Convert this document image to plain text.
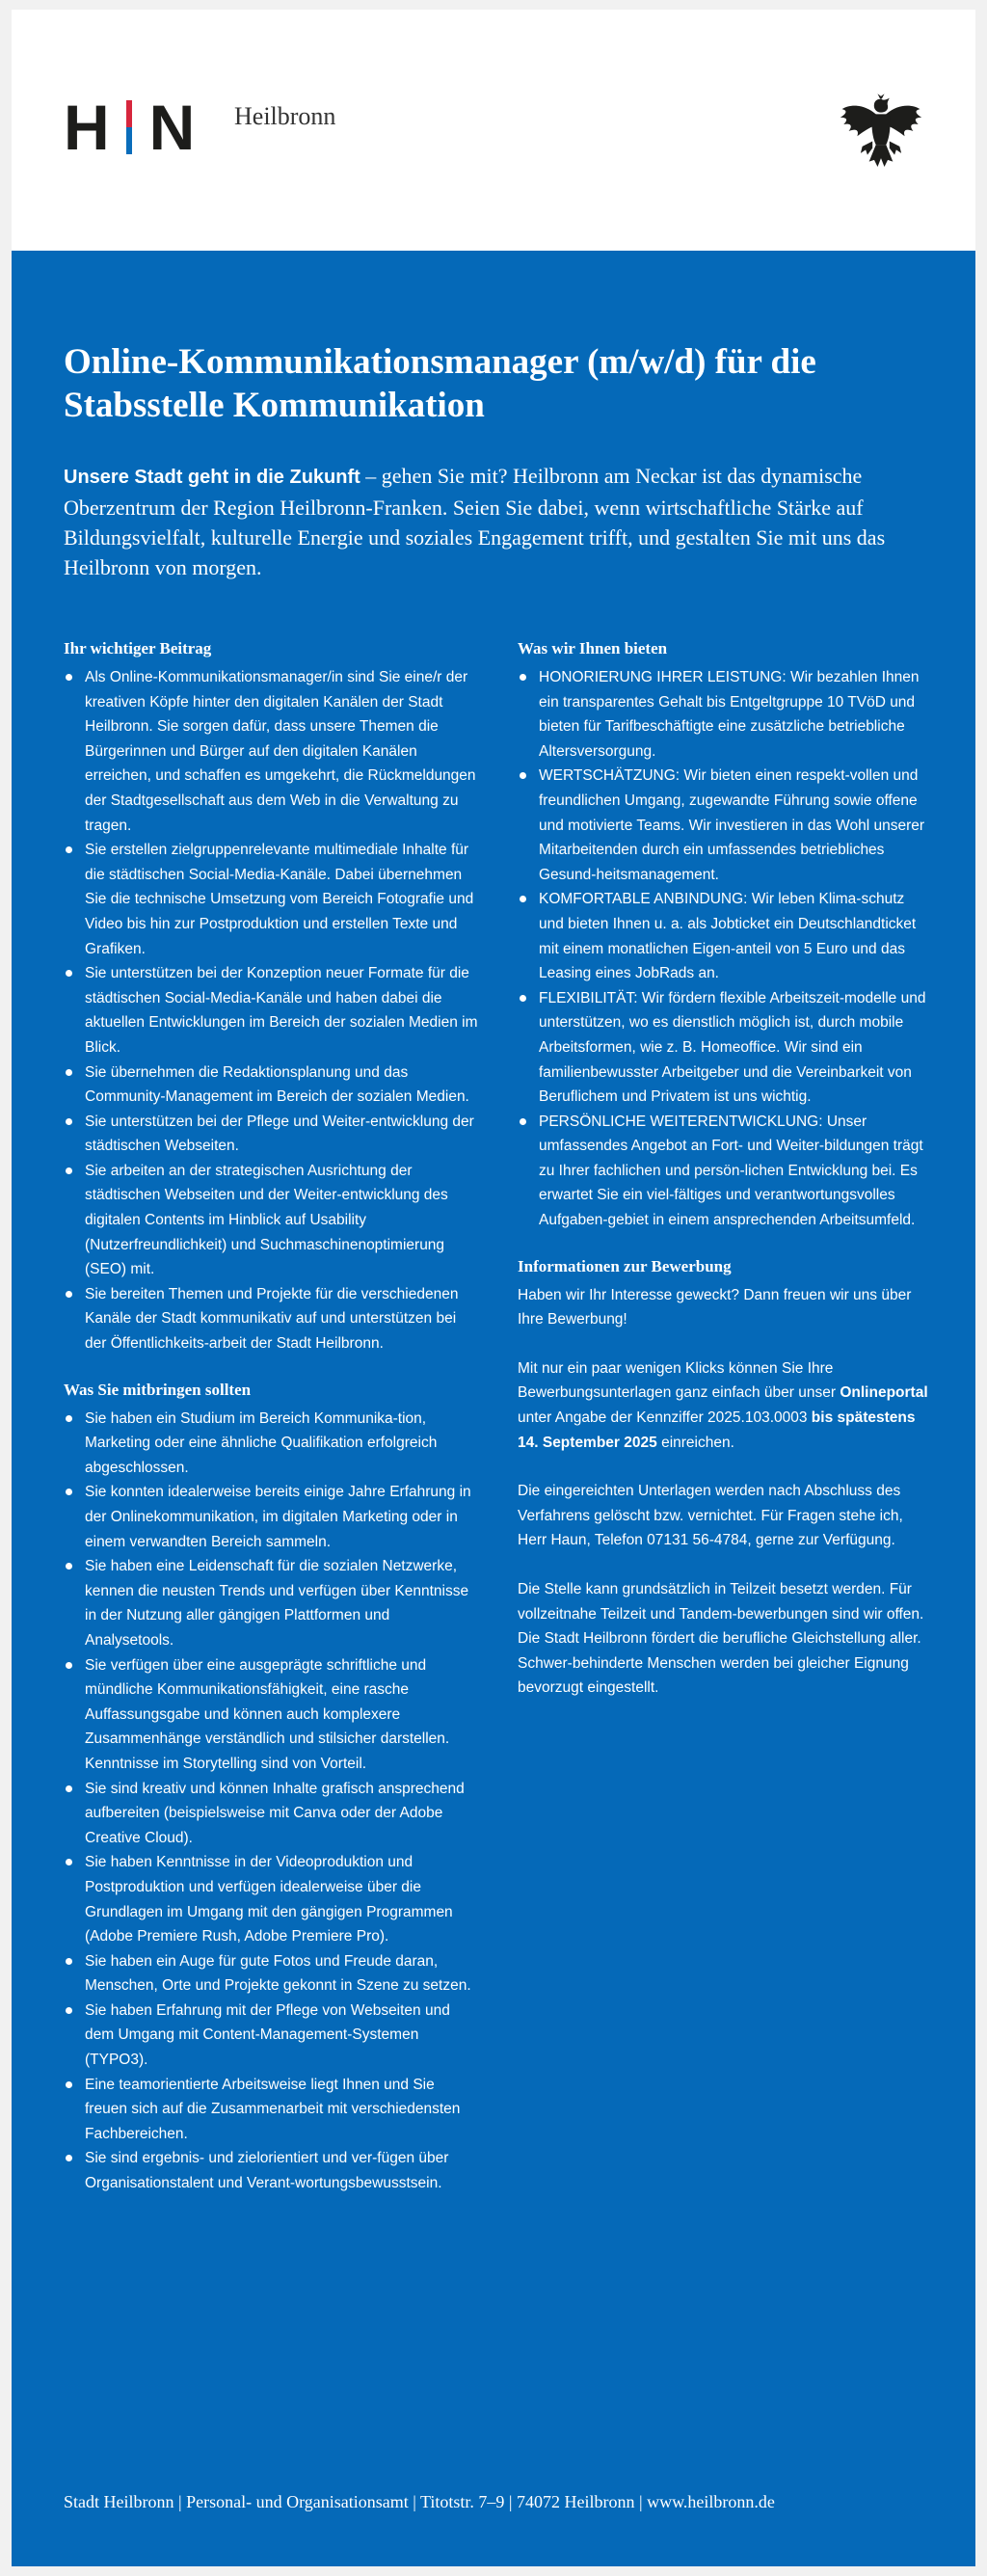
H N Heilbronn
Online-Kommunikationsmanager (m/w/d) für die Stabsstelle Kommunikation

Unsere Stadt geht in die Zukunft – gehen Sie mit? Heilbronn am Neckar ist das dynamische Oberzentrum der Region Heilbronn-Franken. Seien Sie dabei, wenn wirtschaftliche Stärke auf Bildungsvielfalt, kulturelle Energie und soziales Engagement trifft, und gestalten Sie mit uns das Heilbronn von morgen.

Ihr wichtiger Beitrag
Als Online-Kommunikationsmanager/in sind Sie eine/r der kreativen Köpfe hinter den digitalen Kanälen der Stadt Heilbronn. Sie sorgen dafür, dass unsere Themen die Bürgerinnen und Bürger auf den digitalen Kanälen erreichen, und schaffen es umgekehrt, die Rückmeldungen der Stadtgesellschaft aus dem Web in die Verwaltung zu tragen.
Sie erstellen zielgruppenrelevante multimediale Inhalte für die städtischen Social-Media-Kanäle. Dabei übernehmen Sie die technische Umsetzung vom Bereich Fotografie und Video bis hin zur Postproduktion und erstellen Texte und Grafiken.
Sie unterstützen bei der Konzeption neuer Formate für die städtischen Social-Media-Kanäle und haben dabei die aktuellen Entwicklungen im Bereich der sozialen Medien im Blick.
Sie übernehmen die Redaktionsplanung und das Community-Management im Bereich der sozialen Medien.
Sie unterstützen bei der Pflege und Weiter-entwicklung der städtischen Webseiten.
Sie arbeiten an der strategischen Ausrichtung der städtischen Webseiten und der Weiter-entwicklung des digitalen Contents im Hinblick auf Usability (Nutzerfreundlichkeit) und Suchmaschinenoptimierung (SEO) mit.
Sie bereiten Themen und Projekte für die verschiedenen Kanäle der Stadt kommunikativ auf und unterstützen bei der Öffentlichkeits-arbeit der Stadt Heilbronn.
Was Sie mitbringen sollten
Sie haben ein Studium im Bereich Kommunika-tion, Marketing oder eine ähnliche Qualifikation erfolgreich abgeschlossen.
Sie konnten idealerweise bereits einige Jahre Erfahrung in der Onlinekommunikation, im digitalen Marketing oder in einem verwandten Bereich sammeln.
Sie haben eine Leidenschaft für die sozialen Netzwerke, kennen die neusten Trends und verfügen über Kenntnisse in der Nutzung aller gängigen Plattformen und Analysetools.
Sie verfügen über eine ausgeprägte schriftliche und mündliche Kommunikationsfähigkeit, eine rasche Auffassungsgabe und können auch komplexere Zusammenhänge verständlich und stilsicher darstellen. Kenntnisse im Storytelling sind von Vorteil.
Sie sind kreativ und können Inhalte grafisch ansprechend aufbereiten (beispielsweise mit Canva oder der Adobe Creative Cloud).
Sie haben Kenntnisse in der Videoproduktion und Postproduktion und verfügen idealerweise über die Grundlagen im Umgang mit den gängigen Programmen (Adobe Premiere Rush, Adobe Premiere Pro).
Sie haben ein Auge für gute Fotos und Freude daran, Menschen, Orte und Projekte gekonnt in Szene zu setzen.
Sie haben Erfahrung mit der Pflege von Webseiten und dem Umgang mit Content-Management-Systemen (TYPO3).
Eine teamorientierte Arbeitsweise liegt Ihnen und Sie freuen sich auf die Zusammenarbeit mit verschiedensten Fachbereichen.
Sie sind ergebnis- und zielorientiert und ver-fügen über Organisationstalent und Verant-wortungsbewusstsein.
Was wir Ihnen bieten
HONORIERUNG IHRER LEISTUNG: Wir bezahlen Ihnen ein transparentes Gehalt bis Entgeltgruppe 10 TVöD und bieten für Tarifbeschäftigte eine zusätzliche betriebliche Altersversorgung.
WERTSCHÄTZUNG: Wir bieten einen respekt-vollen und freundlichen Umgang, zugewandte Führung sowie offene und motivierte Teams. Wir investieren in das Wohl unserer Mitarbeitenden durch ein umfassendes betriebliches Gesund-heitsmanagement.
KOMFORTABLE ANBINDUNG: Wir leben Klima-schutz und bieten Ihnen u. a. als Jobticket ein Deutschlandticket mit einem monatlichen Eigen-anteil von 5 Euro und das Leasing eines JobRads an.
FLEXIBILITÄT: Wir fördern flexible Arbeitszeit-modelle und unterstützen, wo es dienstlich möglich ist, durch mobile Arbeitsformen, wie z. B. Homeoffice. Wir sind ein familienbewusster Arbeitgeber und die Vereinbarkeit von Beruflichem und Privatem ist uns wichtig.
PERSÖNLICHE WEITERENTWICKLUNG: Unser umfassendes Angebot an Fort- und Weiter-bildungen trägt zu Ihrer fachlichen und persön-lichen Entwicklung bei. Es erwartet Sie ein viel-fältiges und verantwortungsvolles Aufgaben-gebiet in einem ansprechenden Arbeitsumfeld.
Informationen zur Bewerbung

Haben wir Ihr Interesse geweckt? Dann freuen wir uns über Ihre Bewerbung!

Mit nur ein paar wenigen Klicks können Sie Ihre Bewerbungsunterlagen ganz einfach über unser Onlineportal unter Angabe der Kennziffer 2025.103.0003 bis spätestens 14. September 2025 einreichen.

Die eingereichten Unterlagen werden nach Abschluss des Verfahrens gelöscht bzw. vernichtet. Für Fragen stehe ich, Herr Haun, Telefon 07131 56-4784, gerne zur Verfügung.

Die Stelle kann grundsätzlich in Teilzeit besetzt werden. Für vollzeitnahe Teilzeit und Tandem-bewerbungen sind wir offen. Die Stadt Heilbronn fördert die berufliche Gleichstellung aller. Schwer-behinderte Menschen werden bei gleicher Eignung bevorzugt eingestellt.

Stadt Heilbronn | Personal- und Organisationsamt | Titotstr. 7–9 | 74072 Heilbronn | www.heilbronn.de
